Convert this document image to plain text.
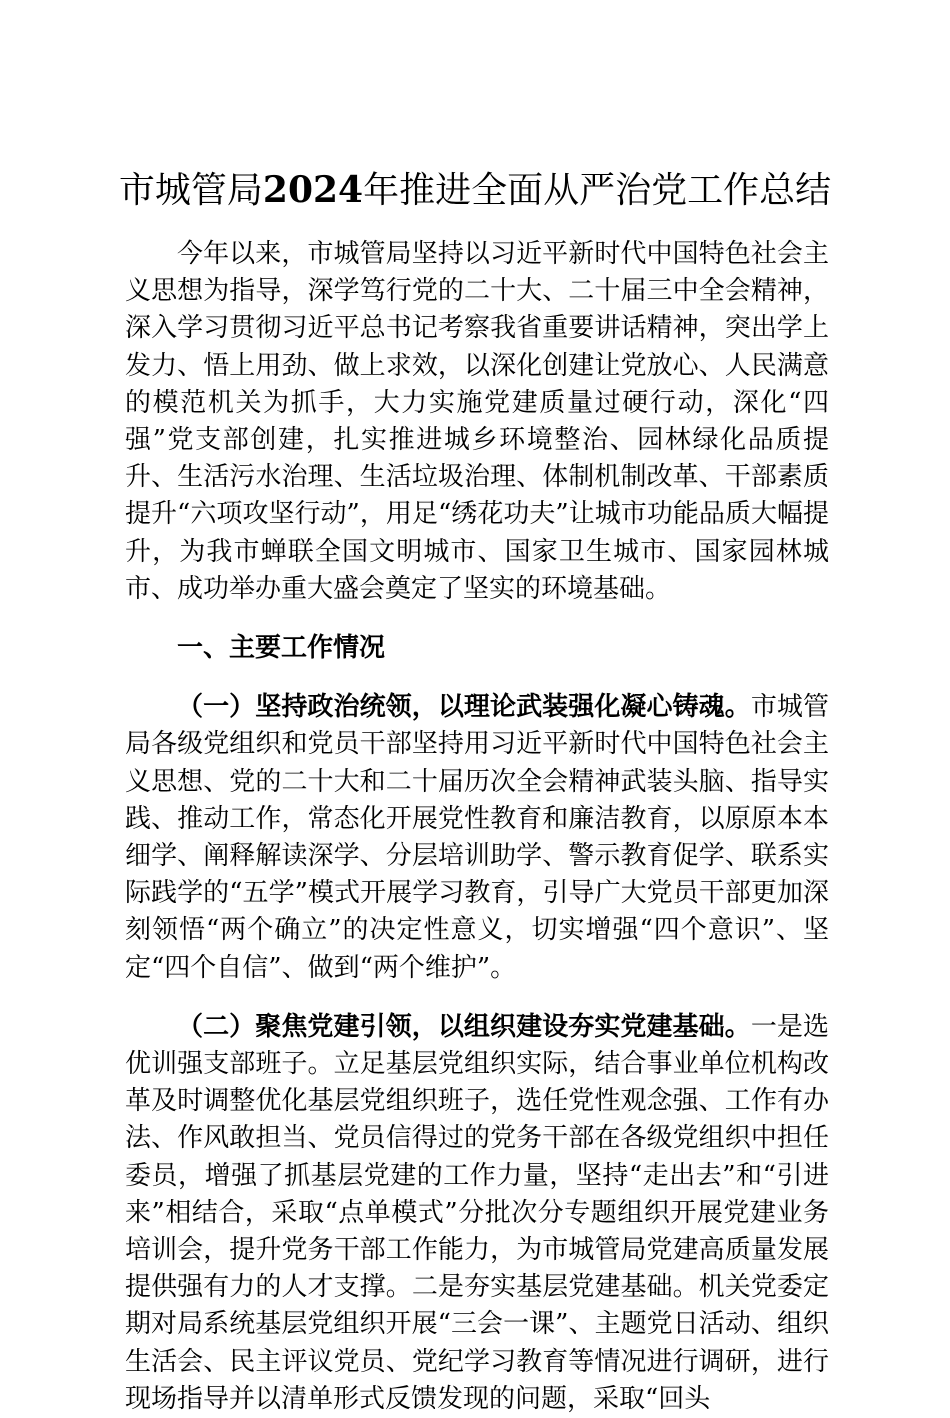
市城管局2024年推进全面从严治党工作总结

今年以来，市城管局坚持以习近平新时代中国特色社会主义思想为指导，深学笃行党的二十大、二十届三中全会精神，深入学习贯彻习近平总书记考察我省重要讲话精神，突出学上发力、悟上用劲、做上求效，以深化创建让党放心、人民满意的模范机关为抓手，大力实施党建质量过硬行动，深化“四强”党支部创建，扎实推进城乡环境整治、园林绿化品质提升、生活污水治理、生活垃圾治理、体制机制改革、干部素质提升“六项攻坚行动”，用足“绣花功夫”让城市功能品质大幅提升，为我市蝉联全国文明城市、国家卫生城市、国家园林城市、成功举办重大盛会奠定了坚实的环境基础。

一、主要工作情况

（一）坚持政治统领，以理论武装强化凝心铸魂。市城管局各级党组织和党员干部坚持用习近平新时代中国特色社会主义思想、党的二十大和二十届历次全会精神武装头脑、指导实践、推动工作，常态化开展党性教育和廉洁教育，以原原本本细学、阐释解读深学、分层培训助学、警示教育促学、联系实际践学的“五学”模式开展学习教育，引导广大党员干部更加深刻领悟“两个确立”的决定性意义，切实增强“四个意识”、坚定“四个自信”、做到“两个维护”。

（二）聚焦党建引领，以组织建设夯实党建基础。一是选优训强支部班子。立足基层党组织实际，结合事业单位机构改革及时调整优化基层党组织班子，选任党性观念强、工作有办法、作风敢担当、党员信得过的党务干部在各级党组织中担任委员，增强了抓基层党建的工作力量，坚持“走出去”和“引进来”相结合，采取“点单模式”分批次分专题组织开展党建业务培训会，提升党务干部工作能力，为市城管局党建高质量发展提供强有力的人才支撑。二是夯实基层党建基础。机关党委定期对局系统基层党组织开展“三会一课”、主题党日活动、组织生活会、民主评议党员、党纪学习教育等情况进行调研，进行现场指导并以清单形式反馈发现的问题，采取“回头
